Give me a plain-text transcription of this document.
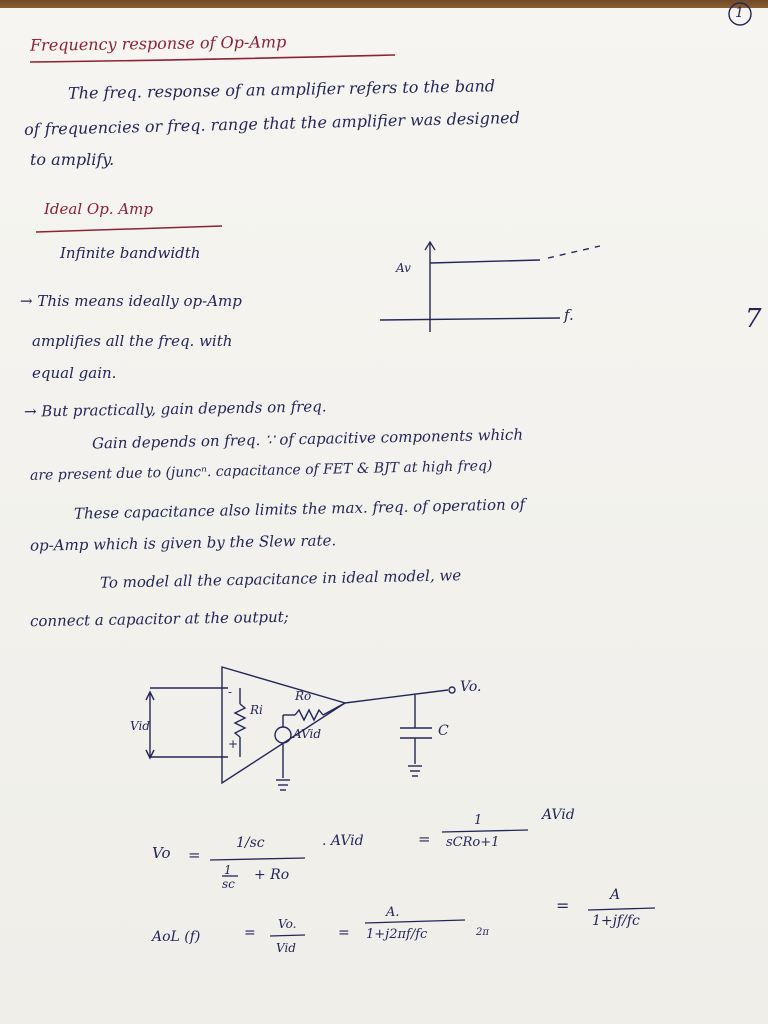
1
Frequency response of Op-Amp
The freq. response of an amplifier refers to the band
of frequencies or freq. range that the amplifier was designed
to amplify.
Ideal Op. Amp
Infinite bandwidth
Av
f.
→ This means ideally op-Amp
amplifies all the freq. with
equal gain.
7
→ But practically, gain depends on freq.
Gain depends on freq. ∵ of capacitive components which
are present due to (juncⁿ. capacitance of FET & BJT at high freq)
These capacitance also limits the max. freq. of operation of
op-Amp which is given by the Slew rate.
To model all the capacitance in ideal model, we
connect a capacitor at the output;
Vid
-
+
Ri
Ro
AVid
Vo.
C
Vo =
1/sc
1
sc
+ Ro
. AVid	=
1
sCRo+1
AVid
AoL (f)	=
Vo.
Vid
=
A.
1+j2πf/fc	2π
=
A
1+jf/fc
